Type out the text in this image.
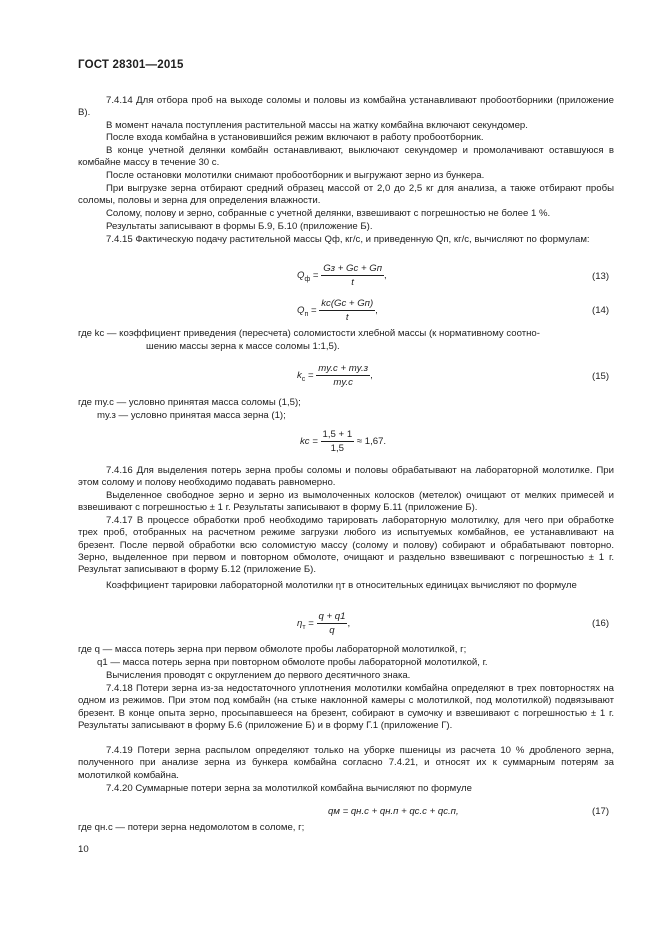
ГОСТ 28301—2015
7.4.14 Для отбора проб на выходе соломы и половы из комбайна устанавливают пробоотборники (приложение В).
В момент начала поступления растительной массы на жатку комбайна включают секундомер.
После входа комбайна в установившийся режим включают в работу пробоотборник.
В конце учетной делянки комбайн останавливают, выключают секундомер и промолачивают оставшуюся в комбайне массу в течение 30 с.
После остановки молотилки снимают пробоотборник и выгружают зерно из бункера.
При выгрузке зерна отбирают средний образец массой от 2,0 до 2,5 кг для анализа, а также отбирают пробы соломы, половы и зерна для определения влажности.
Солому, полову и зерно, собранные с учетной делянки, взвешивают с погрешностью не более 1 %.
Результаты записывают в формы Б.9, Б.10 (приложение Б).
7.4.15 Фактическую подачу растительной массы Qф, кг/с, и приведенную Qп, кг/с, вычисляют по формулам:
$Q_ф = \frac{Gз + Gс + Gп}{t}$ ,	(13)
$Q_п = \frac{kс(Gс + Gп)}{t}$ ,	(14)
где kс — коэффициент приведения (пересчета) соломистости хлебной массы (к нормативному соотно-
шению массы зерна к массе соломы 1:1,5).
$k_с = \frac{mу.с + mу.з}{mу.с}$ ,	(15)
где mу.с — условно принятая масса соломы (1,5);
mу.з — условно принятая масса зерна (1);
kс = $\frac{1,5 + 1}{1,5} \approx 1,67$.
7.4.16 Для выделения потерь зерна пробы соломы и половы обрабатывают на лабораторной молотилке. При этом солому и полову необходимо подавать равномерно.
Выделенное свободное зерно и зерно из вымолоченных колосков (метелок) очищают от мелких примесей и взвешивают с погрешностью ± 1 г. Результаты записывают в форму Б.11 (приложение Б).
7.4.17 В процессе обработки проб необходимо тарировать лабораторную молотилку, для чего при обработке трех проб, отобранных на расчетном режиме загрузки любого из испытуемых комбайнов, ее устанавливают на брезент. После первой обработки всю соломистую массу (солому и полову) собирают и обрабатывают повторно. Зерно, выделенное при первом и повторном обмолоте, очищают и раздельно взвешивают с погрешностью ± 1 г. Результат записывают в форму Б.12 (приложение Б).
Коэффициент тарировки лабораторной молотилки ηт в относительных единицах вычисляют по формуле
$\eta_т = \frac{q + q1}{q}$ ,	(16)
где q — масса потерь зерна при первом обмолоте пробы лабораторной молотилкой, г;
q1 — масса потерь зерна при повторном обмолоте пробы лабораторной молотилкой, г.
Вычисления проводят с округлением до первого десятичного знака.
7.4.18 Потери зерна из-за недостаточного уплотнения молотилки комбайна определяют в трех повторностях на одном из режимов. При этом под комбайн (на стыке наклонной камеры с молотилкой, под молотилкой) подвязывают брезент. В конце опыта зерно, просыпавшееся на брезент, собирают в сумочку и взвешивают с погрешностью ± 1 г. Результаты записывают в форму Б.6 (приложение Б) и в форму Г.1 (приложение Г).
7.4.19 Потери зерна распылом определяют только на уборке пшеницы из расчета 10 % дробленого зерна, полученного при анализе зерна из бункера комбайна согласно 7.4.21, и относят их к суммарным потерям за молотилкой комбайна.
7.4.20 Суммарные потери зерна за молотилкой комбайна вычисляют по формуле
qм = qн.с + qн.п + qс.с + qс.п,	(17)
где qн.с — потери зерна недомолотом в соломе, г;
10
